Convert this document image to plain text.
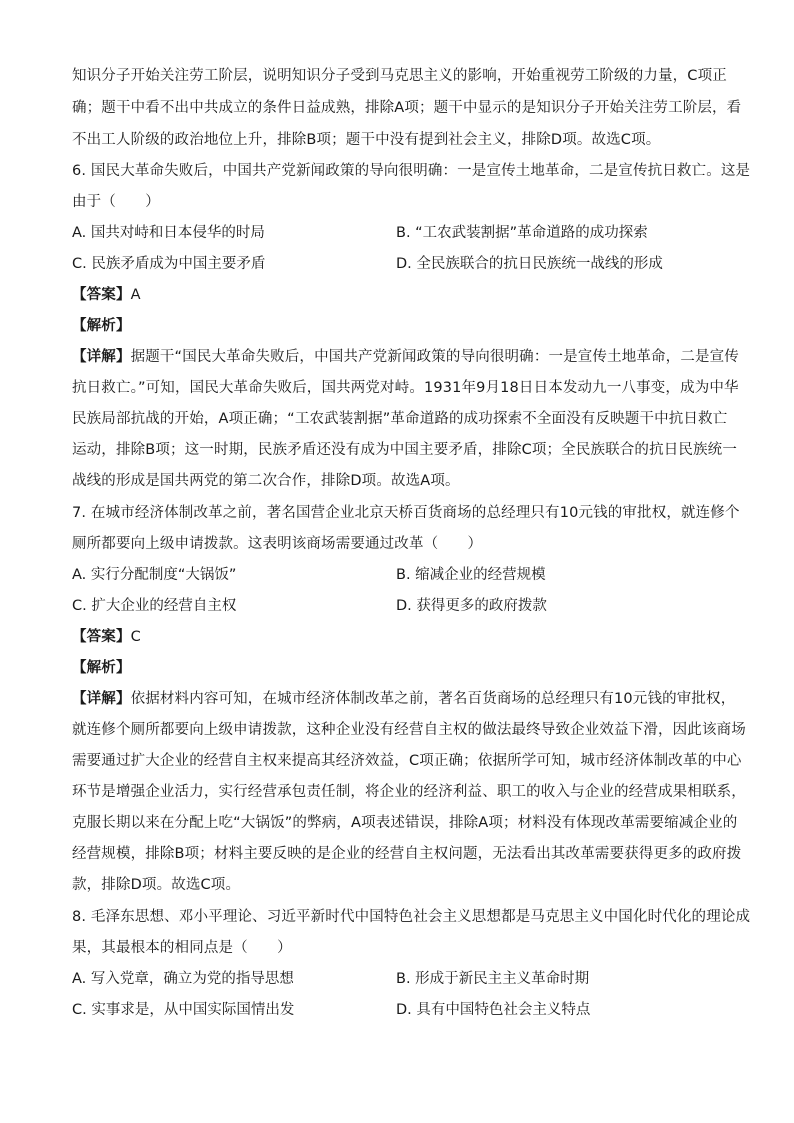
知识分子开始关注劳工阶层，说明知识分子受到马克思主义的影响，开始重视劳工阶级的力量，C项正
确；题干中看不出中共成立的条件日益成熟，排除A项；题干中显示的是知识分子开始关注劳工阶层，看
不出工人阶级的政治地位上升，排除B项；题干中没有提到社会主义，排除D项。故选C项。
6. 国民大革命失败后，中国共产党新闻政策的导向很明确：一是宣传土地革命，二是宣传抗日救亡。这是
由于（　　）
A. 国共对峙和日本侵华的时局	B. “工农武装割据”革命道路的成功探索
C. 民族矛盾成为中国主要矛盾	D. 全民族联合的抗日民族统一战线的形成
【答案】A
【解析】
【详解】据题干“国民大革命失败后，中国共产党新闻政策的导向很明确：一是宣传土地革命，二是宣传
抗日救亡。”可知，国民大革命失败后，国共两党对峙。1931年9月18日日本发动九一八事变，成为中华
民族局部抗战的开始，A项正确；“工农武装割据”革命道路的成功探索不全面没有反映题干中抗日救亡
运动，排除B项；这一时期，民族矛盾还没有成为中国主要矛盾，排除C项；全民族联合的抗日民族统一
战线的形成是国共两党的第二次合作，排除D项。故选A项。
7. 在城市经济体制改革之前，著名国营企业北京天桥百货商场的总经理只有10元钱的审批权，就连修个
厕所都要向上级申请拨款。这表明该商场需要通过改革（　　）
A. 实行分配制度“大锅饭”	B. 缩减企业的经营规模
C. 扩大企业的经营自主权	D. 获得更多的政府拨款
【答案】C
【解析】
【详解】依据材料内容可知，在城市经济体制改革之前，著名百货商场的总经理只有10元钱的审批权，
就连修个厕所都要向上级申请拨款，这种企业没有经营自主权的做法最终导致企业效益下滑，因此该商场
需要通过扩大企业的经营自主权来提高其经济效益，C项正确；依据所学可知，城市经济体制改革的中心
环节是增强企业活力，实行经营承包责任制，将企业的经济利益、职工的收入与企业的经营成果相联系，
克服长期以来在分配上吃“大锅饭”的弊病，A项表述错误，排除A项；材料没有体现改革需要缩减企业的
经营规模，排除B项；材料主要反映的是企业的经营自主权问题，无法看出其改革需要获得更多的政府拨
款，排除D项。故选C项。
8. 毛泽东思想、邓小平理论、习近平新时代中国特色社会主义思想都是马克思主义中国化时代化的理论成
果，其最根本的相同点是（　　）
A. 写入党章，确立为党的指导思想	B. 形成于新民主主义革命时期
C. 实事求是，从中国实际国情出发	D. 具有中国特色社会主义特点
